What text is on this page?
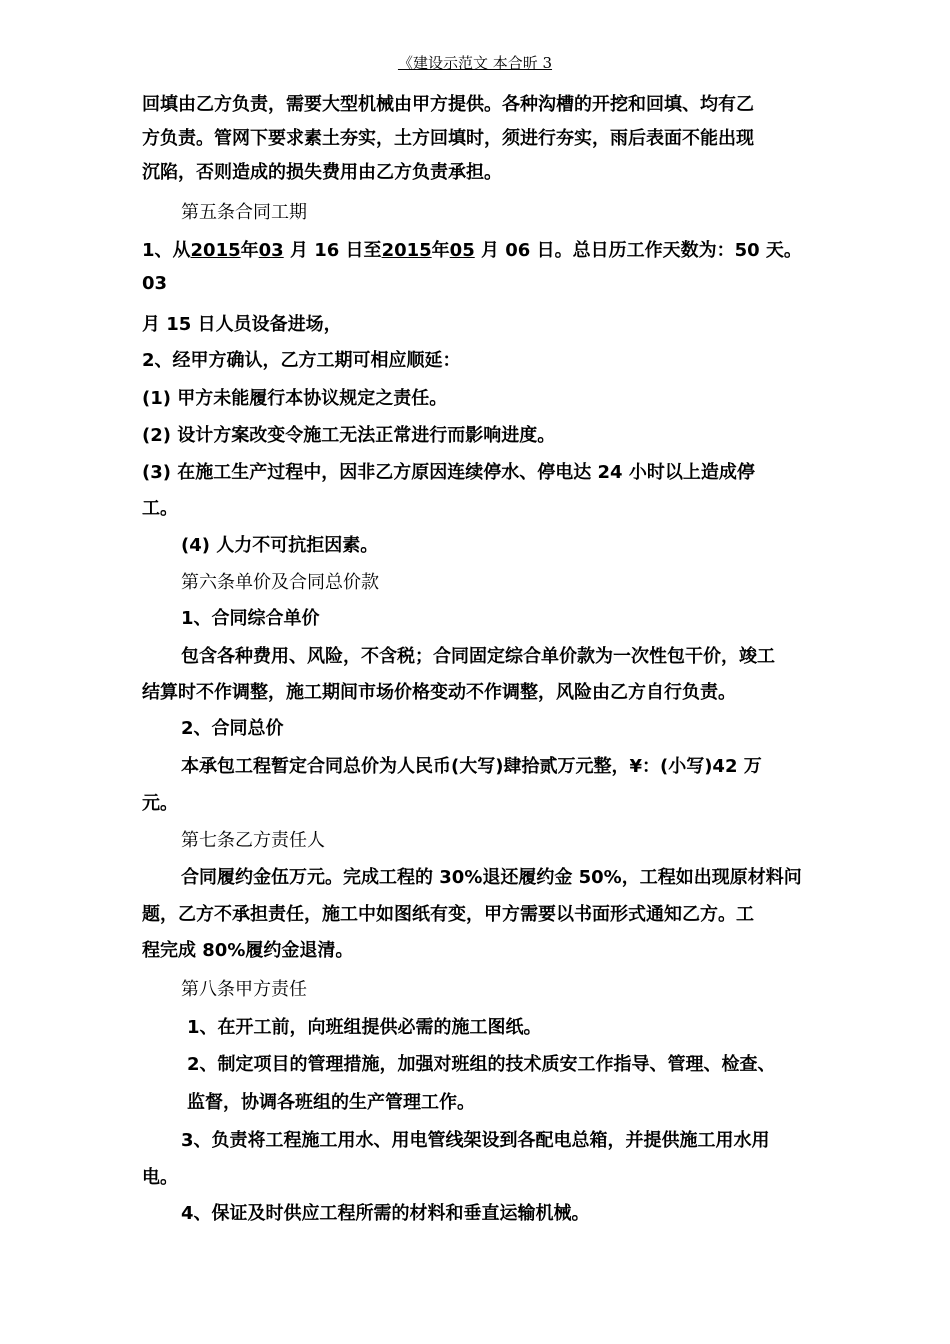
《建设示范文 本合昕 3
回填由乙方负责，需要大型机械由甲方提供。各种沟槽的开挖和回填、均有乙
方负责。管网下要求素土夯实，土方回填时，须进行夯实，雨后表面不能出现
沉陷，否则造成的损失费用由乙方负责承担。
第五条合同工期
1、从2015年03 月 16 日至2015年05 月 06 日。总日历工作天数为：50 天。
03
月 15 日人员设备进场，
2、经甲方确认，乙方工期可相应顺延：
(1) 甲方未能履行本协议规定之责任。
(2) 设计方案改变令施工无法正常进行而影响进度。
(3) 在施工生产过程中，因非乙方原因连续停水、停电达 24 小时以上造成停
工。
(4) 人力不可抗拒因素。
第六条单价及合同总价款
1、合同综合单价
包含各种费用、风险，不含税；合同固定综合单价款为一次性包干价，竣工
结算时不作调整，施工期间市场价格变动不作调整，风险由乙方自行负责。
2、合同总价
本承包工程暂定合同总价为人民币(大写)肆拾贰万元整，¥：(小写)42 万
元。
第七条乙方责任人
合同履约金伍万元。完成工程的 30%退还履约金 50%，工程如出现原材料问
题，乙方不承担责任，施工中如图纸有变，甲方需要以书面形式通知乙方。工
程完成 80%履约金退清。
第八条甲方责任
1、在开工前，向班组提供必需的施工图纸。
2、制定项目的管理措施，加强对班组的技术质安工作指导、管理、检查、
监督，协调各班组的生产管理工作。
3、负责将工程施工用水、用电管线架设到各配电总箱，并提供施工用水用
电。
4、保证及时供应工程所需的材料和垂直运输机械。
